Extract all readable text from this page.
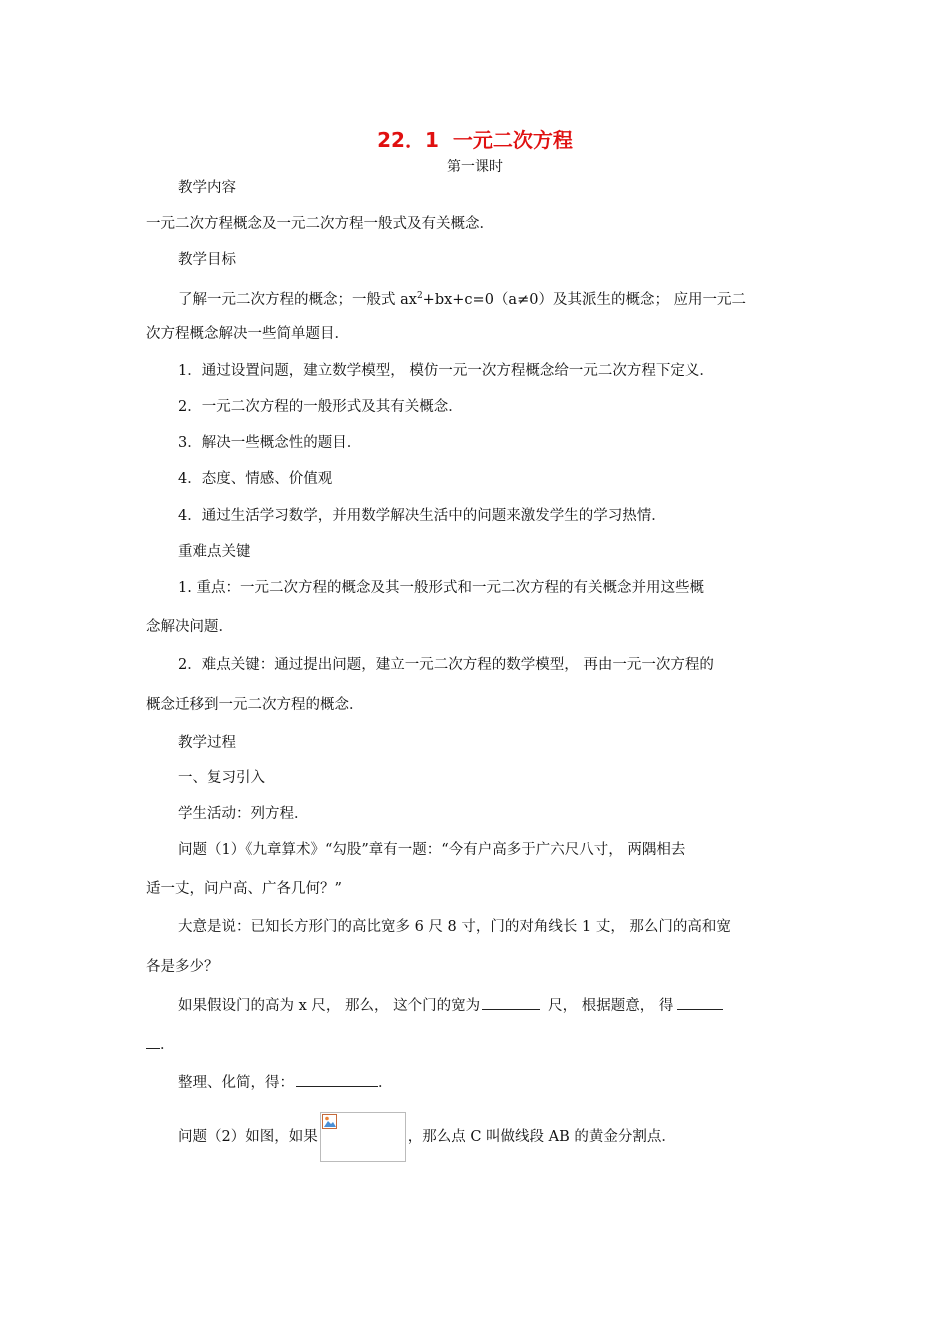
22．1 一元二次方程
第一课时
教学内容
一元二次方程概念及一元二次方程一般式及有关概念．
教学目标
了解一元二次方程的概念；一般式 $ax^2+bx+c=0(a\ne 0)$及其派生的概念； 应用一元二
次方程概念解决一些简单题目．
1．通过设置问题，建立数学模型， 模仿一元一次方程概念给一元二次方程下定义．
2．一元二次方程的一般形式及其有关概念．
3．解决一些概念性的题目．
4．态度、情感、价值观
4．通过生活学习数学，并用数学解决生活中的问题来激发学生的学习热情．
重难点关键
1. 重点：一元二次方程的概念及其一般形式和一元二次方程的有关概念并用这些概
念解决问题．
2．难点关键：通过提出问题，建立一元二次方程的数学模型， 再由一元一次方程的
概念迁移到一元二次方程的概念．
教学过程
一、复习引入
学生活动：列方程．
问题（1）《九章算术》“勾股”章有一题：“今有户高多于广六尺八寸， 两隅相去
适一丈，问户高、广各几何？”
大意是说：已知长方形门的高比宽多 6 尺 8 寸，门的对角线长 1 丈， 那么门的高和宽
各是多少？
如果假设门的高为 x 尺， 那么， 这个门的宽为	尺， 根据题意， 得
．
整理、化简，得：	．
问题（2）如图，如果	，那么点 C 叫做线段 AB 的黄金分割点．
